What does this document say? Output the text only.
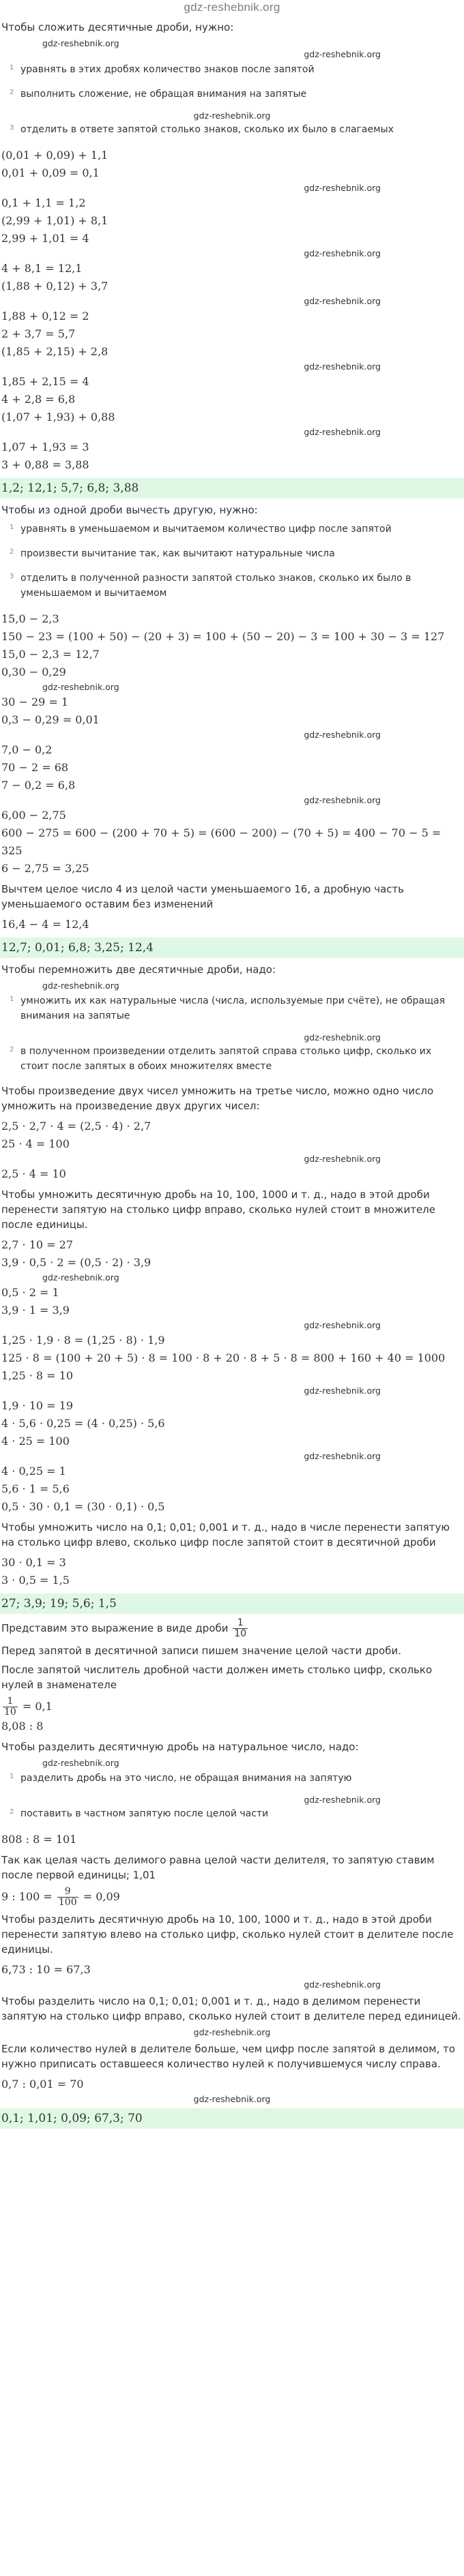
gdz-reshebnik.org
Чтобы сложить десятичные дроби, нужно:
gdz-reshebnik.org
gdz-reshebnik.org
1 уравнять в этих дробях количество знаков после запятой
2 выполнить сложение, не обращая внимания на запятые
gdz-reshebnik.org
3 отделить в ответе запятой столько знаков, сколько их было в слагаемых
(0,01 + 0,09) + 1,1
0,01 + 0,09 = 0,1
gdz-reshebnik.org
0,1 + 1,1 = 1,2
(2,99 + 1,01) + 8,1
2,99 + 1,01 = 4
gdz-reshebnik.org
4 + 8,1 = 12,1
(1,88 + 0,12) + 3,7
gdz-reshebnik.org
1,88 + 0,12 = 2
2 + 3,7 = 5,7
(1,85 + 2,15) + 2,8
gdz-reshebnik.org
1,85 + 2,15 = 4
4 + 2,8 = 6,8
(1,07 + 1,93) + 0,88
gdz-reshebnik.org
1,07 + 1,93 = 3
3 + 0,88 = 3,88
1,2; 12,1; 5,7; 6,8; 3,88
Чтобы из одной дроби вычесть другую, нужно:
1 уравнять в уменьшаемом и вычитаемом количество цифр после запятой
2 произвести вычитание так, как вычитают натуральные числа
3 отделить в полученной разности запятой столько знаков, сколько их было в уменьшаемом и вычитаемом
15,0 − 2,3
150 − 23 = (100 + 50) − (20 + 3) = 100 + (50 − 20) − 3 = 100 + 30 − 3 = 127
15,0 − 2,3 = 12,7
0,30 − 0,29
gdz-reshebnik.org
30 − 29 = 1
0,3 − 0,29 = 0,01
gdz-reshebnik.org
7,0 − 0,2
70 − 2 = 68
7 − 0,2 = 6,8
gdz-reshebnik.org
6,00 − 2,75
600 − 275 = 600 − (200 + 70 + 5) = (600 − 200) − (70 + 5) = 400 − 70 − 5 = 325
6 − 2,75 = 3,25
Вычтем целое число 4 из целой части уменьшаемого 16, а дробную часть уменьшаемого оставим без изменений
16,4 − 4 = 12,4
12,7; 0,01; 6,8; 3,25; 12,4
Чтобы перемножить две десятичные дроби, надо:
gdz-reshebnik.org
1 умножить их как натуральные числа (числа, используемые при счёте), не обращая внимания на запятые
gdz-reshebnik.org
2 в полученном произведении отделить запятой справа столько цифр, сколько их стоит после запятых в обоих множителях вместе
Чтобы произведение двух чисел умножить на третье число, можно одно число умножить на произведение двух других чисел:
2,5 · 2,7 · 4 = (2,5 · 4) · 2,7
25 · 4 = 100
gdz-reshebnik.org
2,5 · 4 = 10
Чтобы умножить десятичную дробь на 10, 100, 1000 и т. д., надо в этой дроби перенести запятую на столько цифр вправо, сколько нулей стоит в множителе после единицы.
2,7 · 10 = 27
3,9 · 0,5 · 2 = (0,5 · 2) · 3,9
gdz-reshebnik.org
0,5 · 2 = 1
3,9 · 1 = 3,9
gdz-reshebnik.org
1,25 · 1,9 · 8 = (1,25 · 8) · 1,9
125 · 8 = (100 + 20 + 5) · 8 = 100 · 8 + 20 · 8 + 5 · 8 = 800 + 160 + 40 = 1000
1,25 · 8 = 10
gdz-reshebnik.org
1,9 · 10 = 19
4 · 5,6 · 0,25 = (4 · 0,25) · 5,6
4 · 25 = 100
gdz-reshebnik.org
4 · 0,25 = 1
5,6 · 1 = 5,6
0,5 · 30 · 0,1 = (30 · 0,1) · 0,5
Чтобы умножить число на 0,1; 0,01; 0,001 и т. д., надо в числе перенести запятую на столько цифр влево, сколько цифр после запятой стоит в десятичной дроби
30 · 0,1 = 3
3 · 0,5 = 1,5
27; 3,9; 19; 5,6; 1,5
Представим это выражение в виде дроби $\frac{1}{10}$
Перед запятой в десятичной записи пишем значение целой части дроби.
После запятой числитель дробной части должен иметь столько цифр, сколько нулей в знаменателе
$\frac{1}{10} = 0,1$
8,08 : 8
Чтобы разделить десятичную дробь на натуральное число, надо:
gdz-reshebnik.org
1 разделить дробь на это число, не обращая внимания на запятую
gdz-reshebnik.org
2 поставить в частном запятую после целой части
808 : 8 = 101
Так как целая часть делимого равна целой части делителя, то запятую ставим после первой единицы; 1,01
9 : $100 = \frac{9}{100} = 0,09$
Чтобы разделить десятичную дробь на 10, 100, 1000 и т. д., надо в этой дроби перенести запятую влево на столько цифр, сколько нулей стоит в делителе после единицы.
6,73 : 10 = 67,3
gdz-reshebnik.org
Чтобы разделить число на 0,1; 0,01; 0,001 и т. д., надо в делимом перенести запятую на столько цифр вправо, сколько нулей стоит в делителе перед единицей.
gdz-reshebnik.org
Если количество нулей в делителе больше, чем цифр после запятой в делимом, то нужно приписать оставшееся количество нулей к получившемуся числу справа.
0,7 : 0,01 = 70
gdz-reshebnik.org
0,1; 1,01; 0,09; 67,3; 70
